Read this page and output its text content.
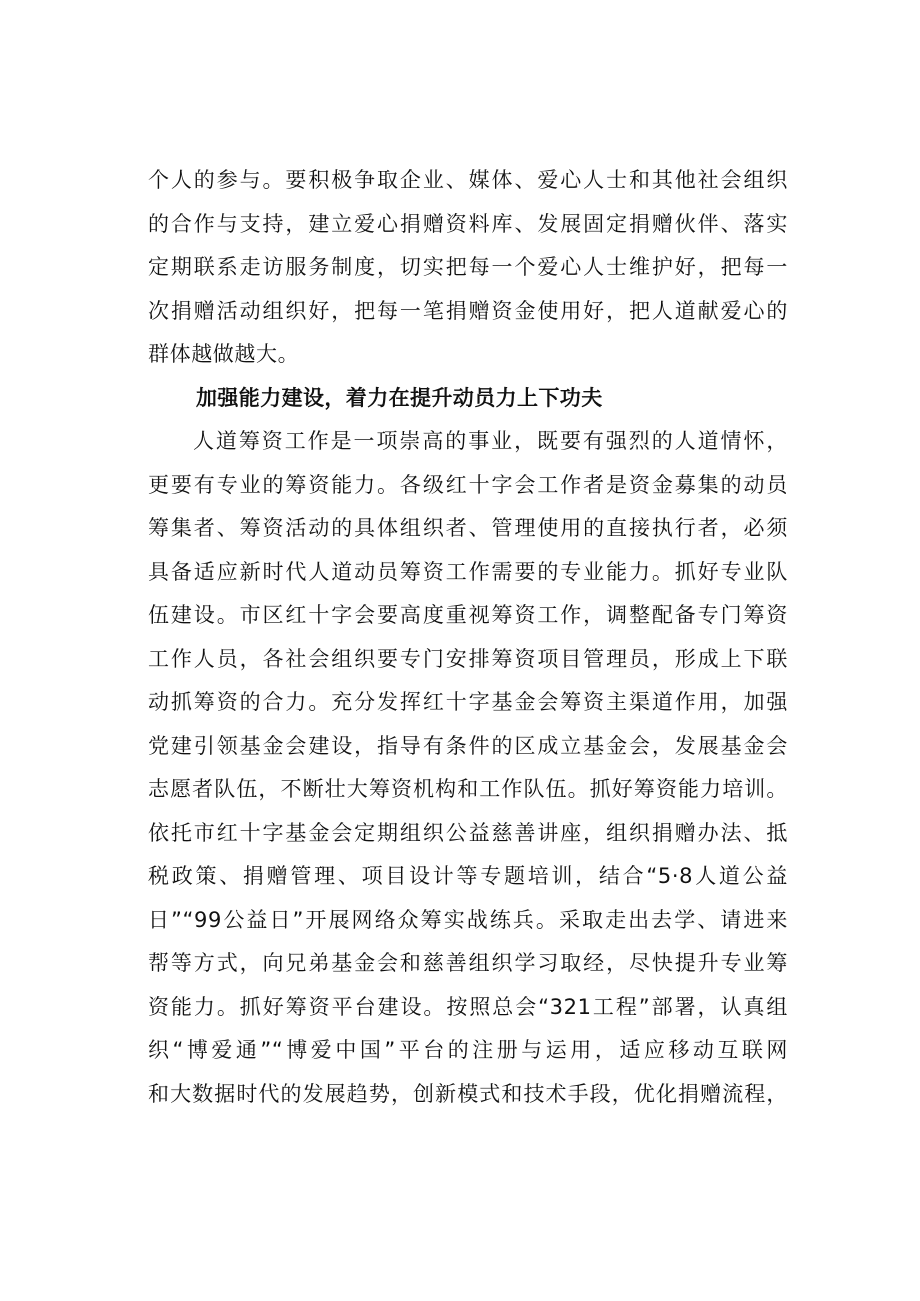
个人的参与。要积极争取企业、媒体、爱心人士和其他社会组织
的合作与支持，建立爱心捐赠资料库、发展固定捐赠伙伴、落实
定期联系走访服务制度，切实把每一个爱心人士维护好，把每一
次捐赠活动组织好，把每一笔捐赠资金使用好，把人道献爱心的
群体越做越大。
加强能力建设，着力在提升动员力上下功夫
人道筹资工作是一项崇高的事业，既要有强烈的人道情怀，
更要有专业的筹资能力。各级红十字会工作者是资金募集的动员
筹集者、筹资活动的具体组织者、管理使用的直接执行者，必须
具备适应新时代人道动员筹资工作需要的专业能力。抓好专业队
伍建设。市区红十字会要高度重视筹资工作，调整配备专门筹资
工作人员，各社会组织要专门安排筹资项目管理员，形成上下联
动抓筹资的合力。充分发挥红十字基金会筹资主渠道作用，加强
党建引领基金会建设，指导有条件的区成立基金会，发展基金会
志愿者队伍，不断壮大筹资机构和工作队伍。抓好筹资能力培训。
依托市红十字基金会定期组织公益慈善讲座，组织捐赠办法、抵
税政策、捐赠管理、项目设计等专题培训，结合“5·8人道公益
日”“99公益日”开展网络众筹实战练兵。采取走出去学、请进来
帮等方式，向兄弟基金会和慈善组织学习取经，尽快提升专业筹
资能力。抓好筹资平台建设。按照总会“321工程”部署，认真组
织“博爱通”“博爱中国”平台的注册与运用，适应移动互联网
和大数据时代的发展趋势，创新模式和技术手段，优化捐赠流程，
